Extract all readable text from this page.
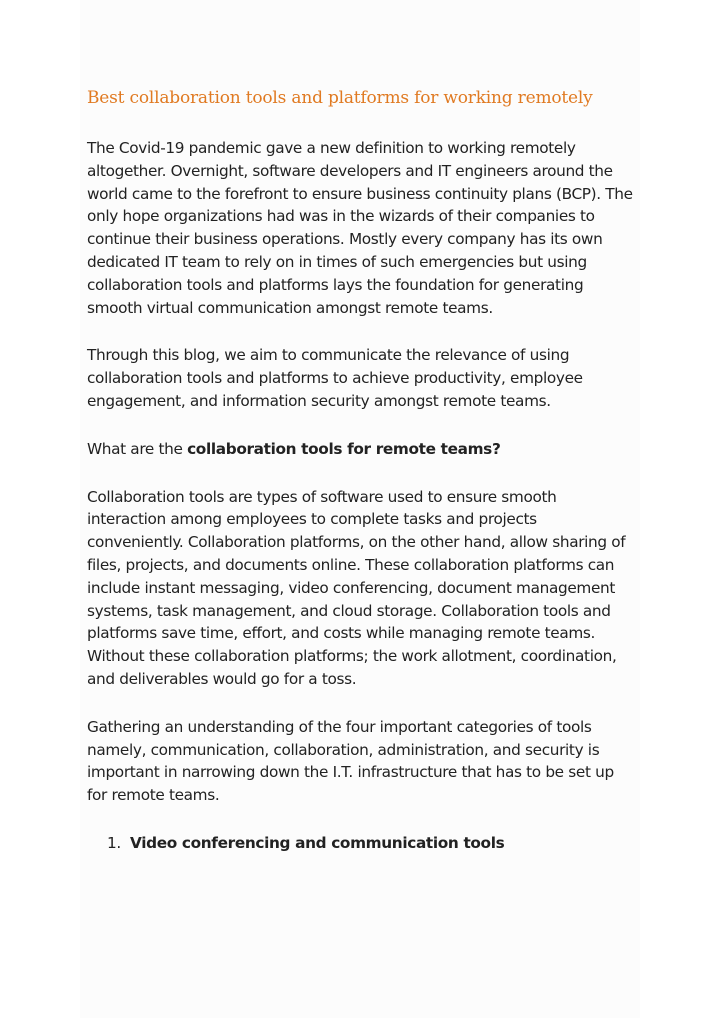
Best collaboration tools and platforms for working remotely

The Covid-19 pandemic gave a new definition to working remotely altogether. Overnight, software developers and IT engineers around the world came to the forefront to ensure business continuity plans (BCP). The only hope organizations had was in the wizards of their companies to continue their business operations. Mostly every company has its own dedicated IT team to rely on in times of such emergencies but using collaboration tools and platforms lays the foundation for generating smooth virtual communication amongst remote teams.

Through this blog, we aim to communicate the relevance of using collaboration tools and platforms to achieve productivity, employee engagement, and information security amongst remote teams.

What are the collaboration tools for remote teams?

Collaboration tools are types of software used to ensure smooth interaction among employees to complete tasks and projects conveniently. Collaboration platforms, on the other hand, allow sharing of files, projects, and documents online. These collaboration platforms can include instant messaging, video conferencing, document management systems, task management, and cloud storage. Collaboration tools and platforms save time, effort, and costs while managing remote teams. Without these collaboration platforms; the work allotment, coordination, and deliverables would go for a toss.

Gathering an understanding of the four important categories of tools namely, communication, collaboration, administration, and security is important in narrowing down the I.T. infrastructure that has to be set up for remote teams.

1. Video conferencing and communication tools
